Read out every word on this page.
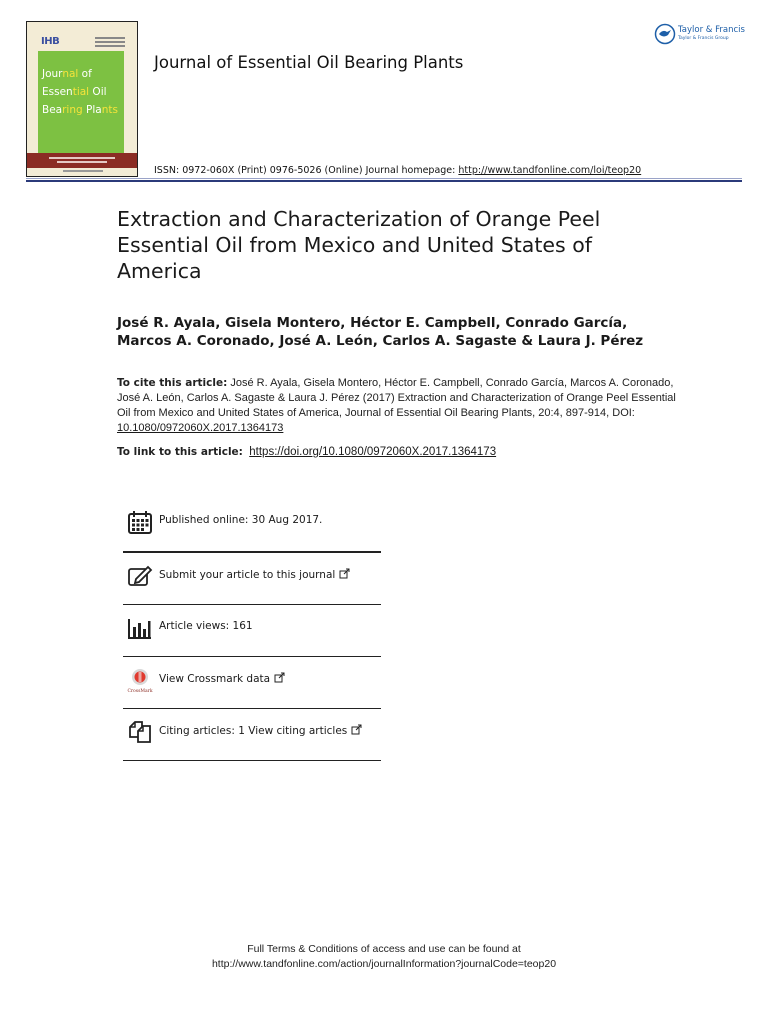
IHB
Journal of
Essential Oil
Bearing Plants
Journal of Essential Oil Bearing Plants
Taylor & Francis
Taylor & Francis Group
ISSN: 0972-060X (Print) 0976-5026 (Online) Journal homepage: http://www.tandfonline.com/loi/teop20
Extraction and Characterization of Orange Peel Essential Oil from Mexico and United States of America
José R. Ayala, Gisela Montero, Héctor E. Campbell, Conrado García, Marcos A. Coronado, José A. León, Carlos A. Sagaste & Laura J. Pérez
To cite this article: José R. Ayala, Gisela Montero, Héctor E. Campbell, Conrado García, Marcos A. Coronado, José A. León, Carlos A. Sagaste & Laura J. Pérez (2017) Extraction and Characterization of Orange Peel Essential Oil from Mexico and United States of America, Journal of Essential Oil Bearing Plants, 20:4, 897-914, DOI: 10.1080/0972060X.2017.1364173
To link to this article: https://doi.org/10.1080/0972060X.2017.1364173
Published online: 30 Aug 2017.
Submit your article to this journal
Article views: 161
CrossMark
View Crossmark data
Citing articles: 1 View citing articles
Full Terms & Conditions of access and use can be found at
http://www.tandfonline.com/action/journalInformation?journalCode=teop20
